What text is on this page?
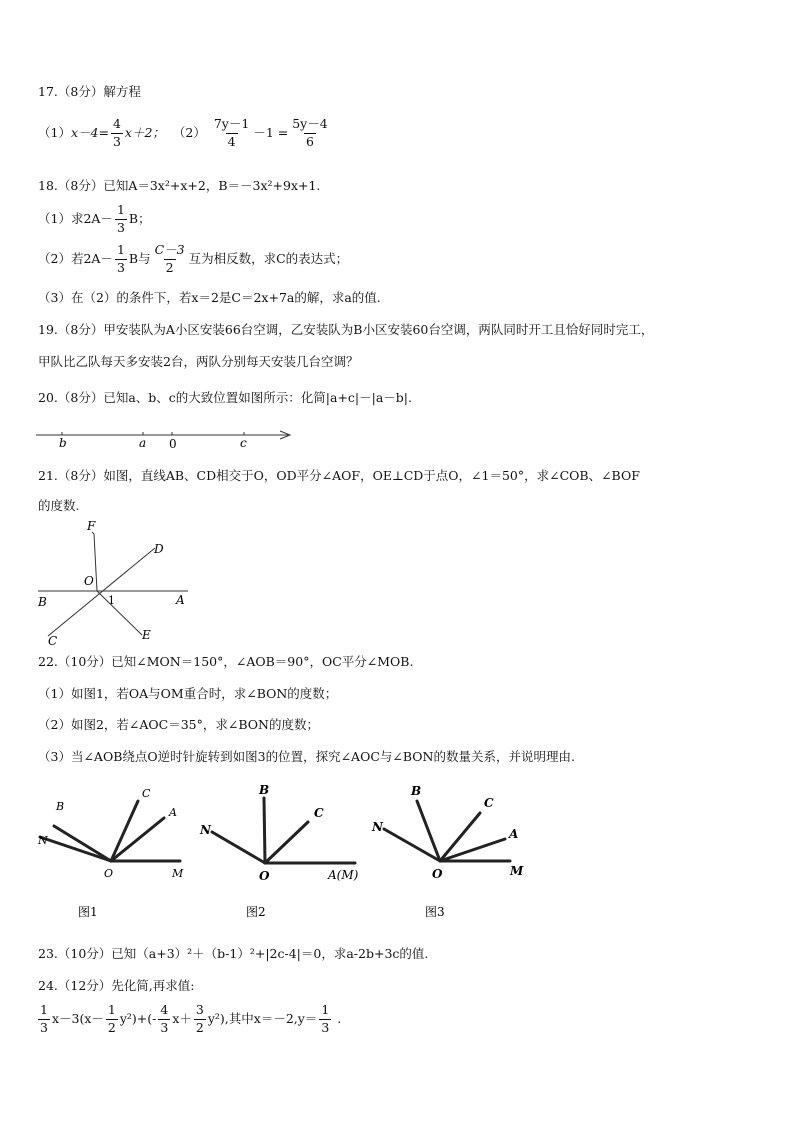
17.（8分）解方程
（1） $x-4= \frac{4}{3} x+2$； $(2) \frac{7y-1}{4} -1 = \frac{5y-4}{6}$
18.（8分）已知A＝3x²+x+2，B＝－3x²+9x+1.
（1）求$2A- \frac{1}{3}$ B；
（2）若$2A- \frac{1}{3}$ B与 $\frac{C-3}{2}$ 互为相反数，求C的表达式；
（3）在（2）的条件下，若x＝2是C＝2x+7a的解，求a的值.
19.（8分）甲安装队为A小区安装66台空调，乙安装队为B小区安装60台空调，两队同时开工且恰好同时完工，
甲队比乙队每天多安装2台，两队分别每天安装几台空调？
20.（8分）已知a、b、c的大致位置如图所示：化简|a+c|－|a－b|.
b	a 0	c
21.（8分）如图，直线AB、CD相交于O，OD平分∠AOF，OE⊥CD于点O，∠1＝50°，求∠COB、∠BOF
的度数.
F
D
O
B	A
1
C	E
22.（10分）已知∠MON＝150°，∠AOB＝90°，OC平分∠MOB.
（1）如图1，若OA与OM重合时，求∠BON的度数；
（2）如图2，若∠AOC＝35°，求∠BON的度数；
（3）当∠AOB绕点O逆时针旋转到如图3的位置，探究∠AOC与∠BON的数量关系，并说明理由.
B
C
A
N
O	M
图1
B
C
N
O	A(M)
图2
B
C
A
N
O	M
图3
23.（10分）已知（a+3）²＋（b-1）²+|2c-4|＝0，求a-2b+3c的值.
24.（12分）先化简,再求值:
$\frac{1}{3} x-3(x- \frac{1}{2} y^2)+(- \frac{4}{3} x+ \frac{3}{2} y^2)$,其中$x=-2,y= \frac{1}{3}$ .
